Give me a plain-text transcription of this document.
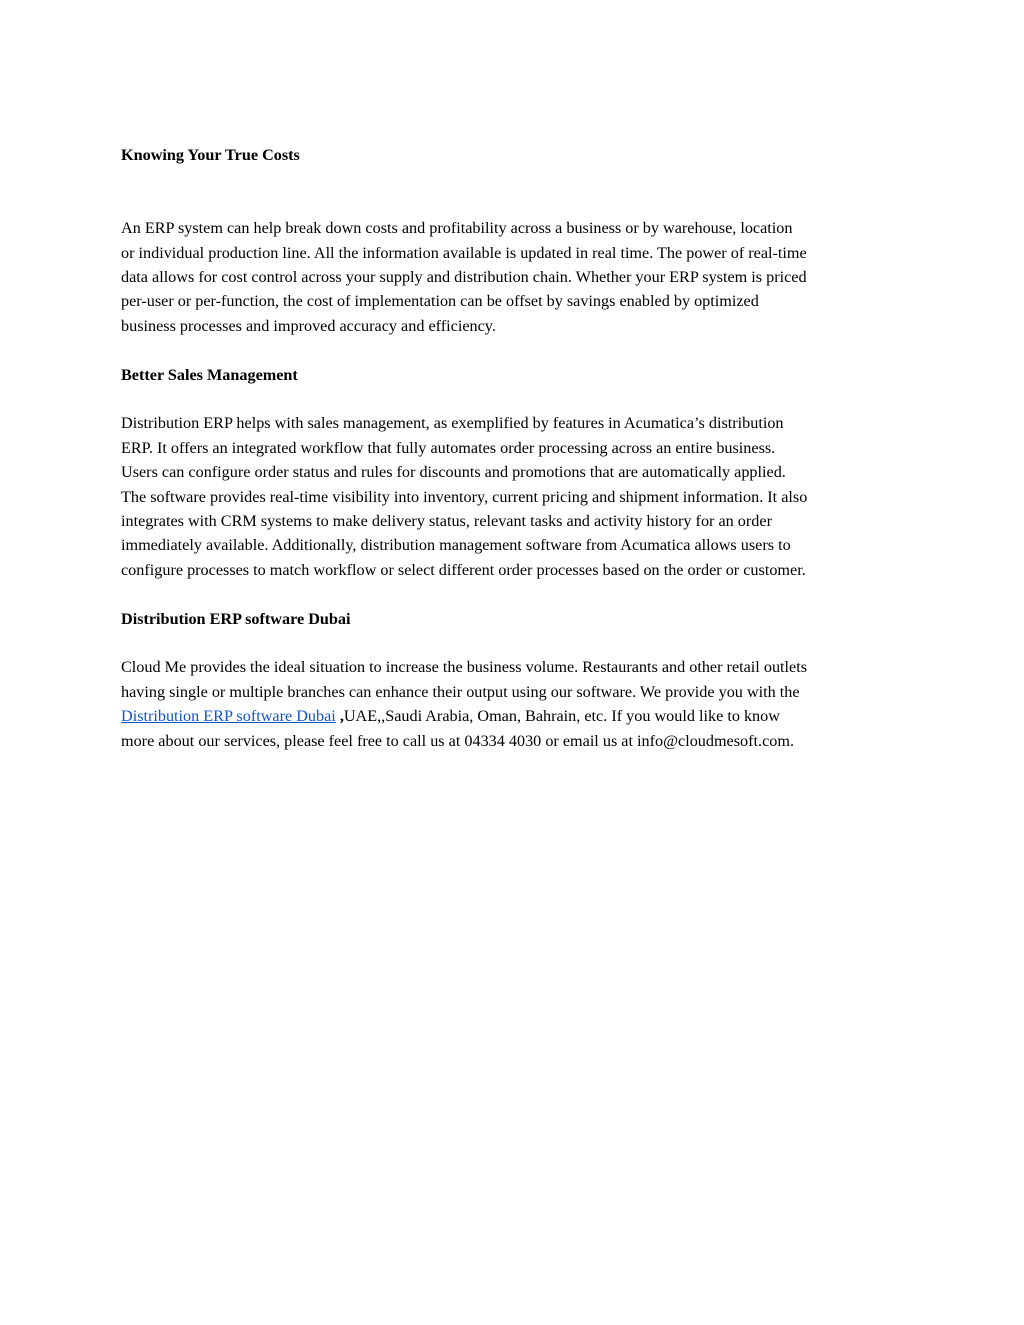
Knowing Your True Costs

An ERP system can help break down costs and profitability across a business or by warehouse, location
or individual production line. All the information available is updated in real time. The power of real-time
data allows for cost control across your supply and distribution chain. Whether your ERP system is priced
per-user or per-function, the cost of implementation can be offset by savings enabled by optimized
business processes and improved accuracy and efficiency.

Better Sales Management

Distribution ERP helps with sales management, as exemplified by features in Acumatica’s distribution
ERP. It offers an integrated workflow that fully automates order processing across an entire business.
Users can configure order status and rules for discounts and promotions that are automatically applied.
The software provides real-time visibility into inventory, current pricing and shipment information. It also
integrates with CRM systems to make delivery status, relevant tasks and activity history for an order
immediately available. Additionally, distribution management software from Acumatica allows users to
configure processes to match workflow or select different order processes based on the order or customer.

Distribution ERP software Dubai

Cloud Me provides the ideal situation to increase the business volume. Restaurants and other retail outlets
having single or multiple branches can enhance their output using our software. We provide you with the
Distribution ERP software Dubai ,UAE,,Saudi Arabia, Oman, Bahrain, etc. If you would like to know
more about our services, please feel free to call us at 04334 4030 or email us at info@cloudmesoft.com.
